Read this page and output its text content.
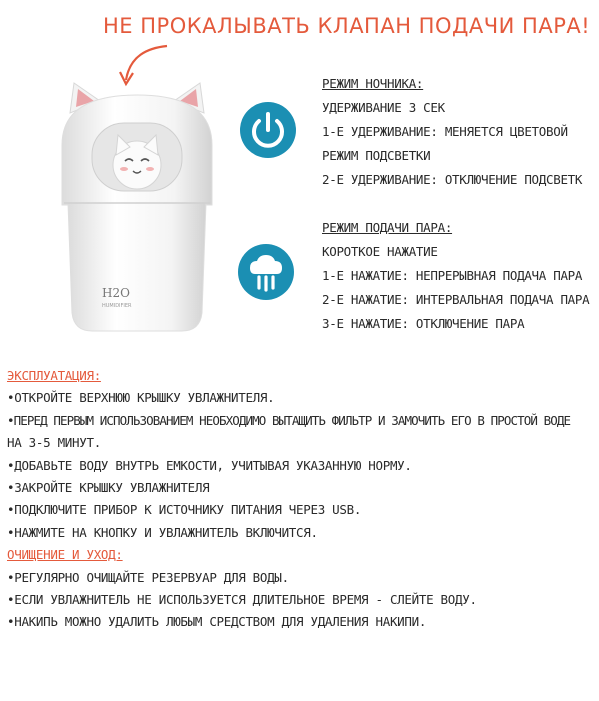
НЕ ПРОКАЛЫВАТЬ КЛАПАН ПОДАЧИ ПАРА!
H2O
HUMIDIFIER
РЕЖИМ НОЧНИКА:
УДЕРЖИВАНИЕ 3 СЕК
1-Е УДЕРЖИВАНИЕ: МЕНЯЕТСЯ ЦВЕТОВОЙ
РЕЖИМ ПОДСВЕТКИ
2-Е УДЕРЖИВАНИЕ: ОТКЛЮЧЕНИЕ ПОДСВЕТК
РЕЖИМ ПОДАЧИ ПАРА:
КОРОТКОЕ НАЖАТИЕ
1-Е НАЖАТИЕ: НЕПРЕРЫВНАЯ ПОДАЧА ПАРА
2-Е НАЖАТИЕ: ИНТЕРВАЛЬНАЯ ПОДАЧА ПАРА
3-Е НАЖАТИЕ: ОТКЛЮЧЕНИЕ ПАРА
ЭКСПЛУАТАЦИЯ:
•ОТКРОЙТЕ ВЕРХНЮЮ КРЫШКУ УВЛАЖНИТЕЛЯ.
•ПЕРЕД ПЕРВЫМ ИСПОЛЬЗОВАНИЕМ НЕОБХОДИМО ВЫТАЩИТЬ ФИЛЬТР И ЗАМОЧИТЬ ЕГО В ПРОСТОЙ ВОДЕ
НА 3-5 МИНУТ.
•ДОБАВЬТЕ ВОДУ ВНУТРЬ ЕМКОСТИ, УЧИТЫВАЯ УКАЗАННУЮ НОРМУ.
•ЗАКРОЙТЕ КРЫШКУ УВЛАЖНИТЕЛЯ
•ПОДКЛЮЧИТЕ ПРИБОР К ИСТОЧНИКУ ПИТАНИЯ ЧЕРЕЗ USB.
•НАЖМИТЕ НА КНОПКУ И УВЛАЖНИТЕЛЬ ВКЛЮЧИТСЯ.
ОЧИЩЕНИЕ И УХОД:
•РЕГУЛЯРНО ОЧИЩАЙТЕ РЕЗЕРВУАР ДЛЯ ВОДЫ.
•ЕСЛИ УВЛАЖНИТЕЛЬ НЕ ИСПОЛЬЗУЕТСЯ ДЛИТЕЛЬНОЕ ВРЕМЯ - СЛЕЙТЕ ВОДУ.
•НАКИПЬ МОЖНО УДАЛИТЬ ЛЮБЫМ СРЕДСТВОМ ДЛЯ УДАЛЕНИЯ НАКИПИ.
